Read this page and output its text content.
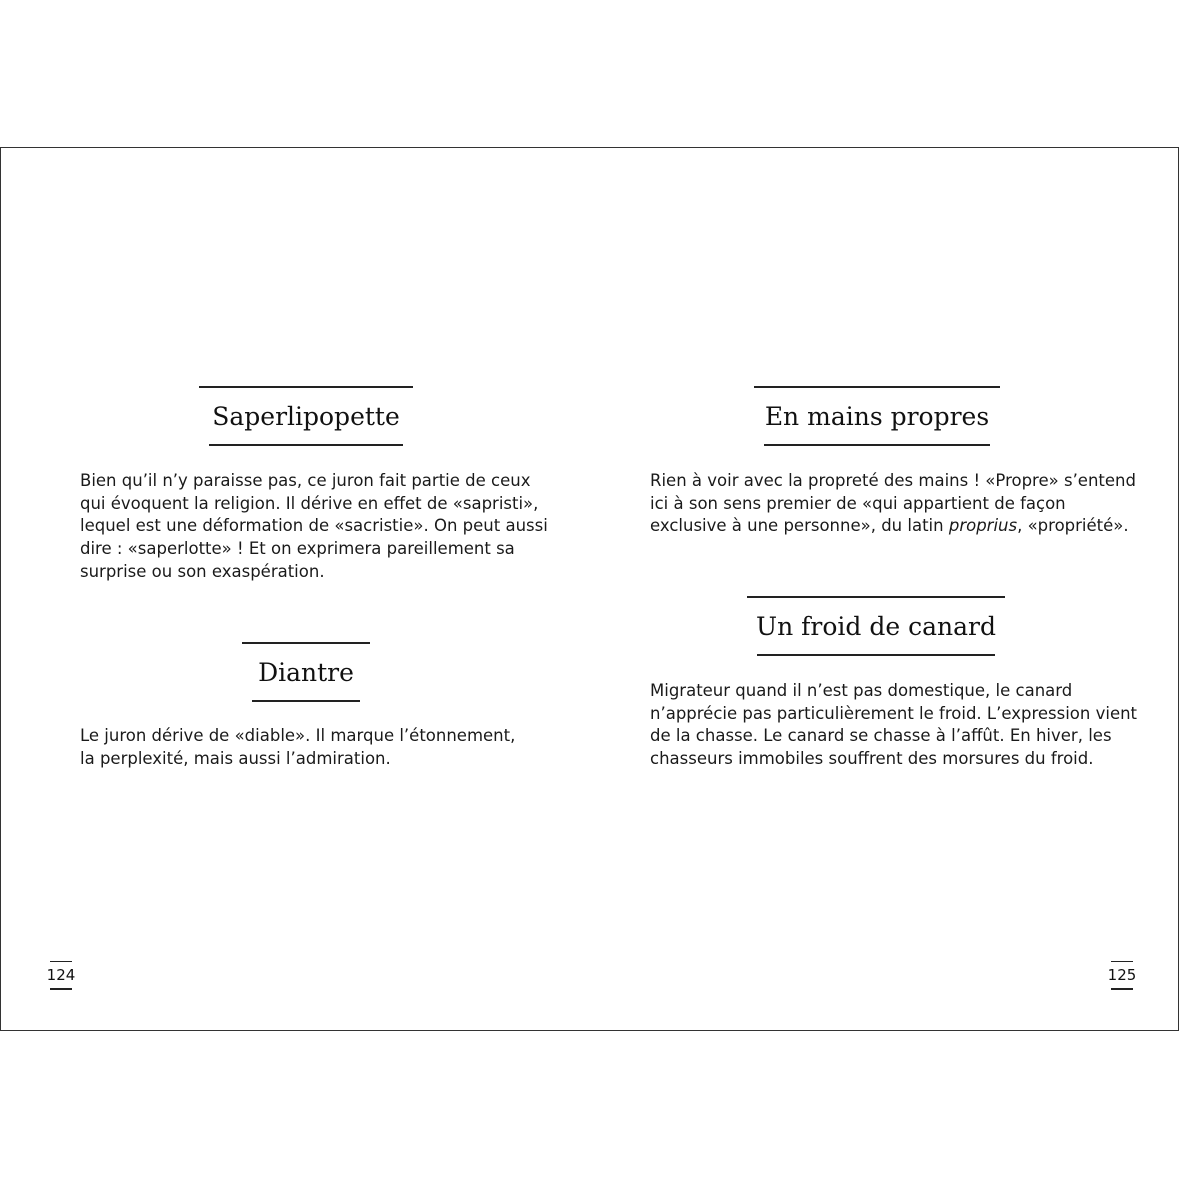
Saperlipopette
Bien qu’il n’y paraisse pas, ce juron fait partie de ceux
qui évoquent la religion. Il dérive en effet de «sapristi»,
lequel est une déformation de «sacristie». On peut aussi
dire : «saperlotte» ! Et on exprimera pareillement sa
surprise ou son exaspération.
Diantre
Le juron dérive de «diable». Il marque l’étonnement,
la perplexité, mais aussi l’admiration.
En mains propres
Rien à voir avec la propreté des mains ! «Propre» s’entend
ici à son sens premier de «qui appartient de façon
exclusive à une personne», du latin proprius, «propriété».
Un froid de canard
Migrateur quand il n’est pas domestique, le canard
n’apprécie pas particulièrement le froid. L’expression vient
de la chasse. Le canard se chasse à l’affût. En hiver, les
chasseurs immobiles souffrent des morsures du froid.
124	125
